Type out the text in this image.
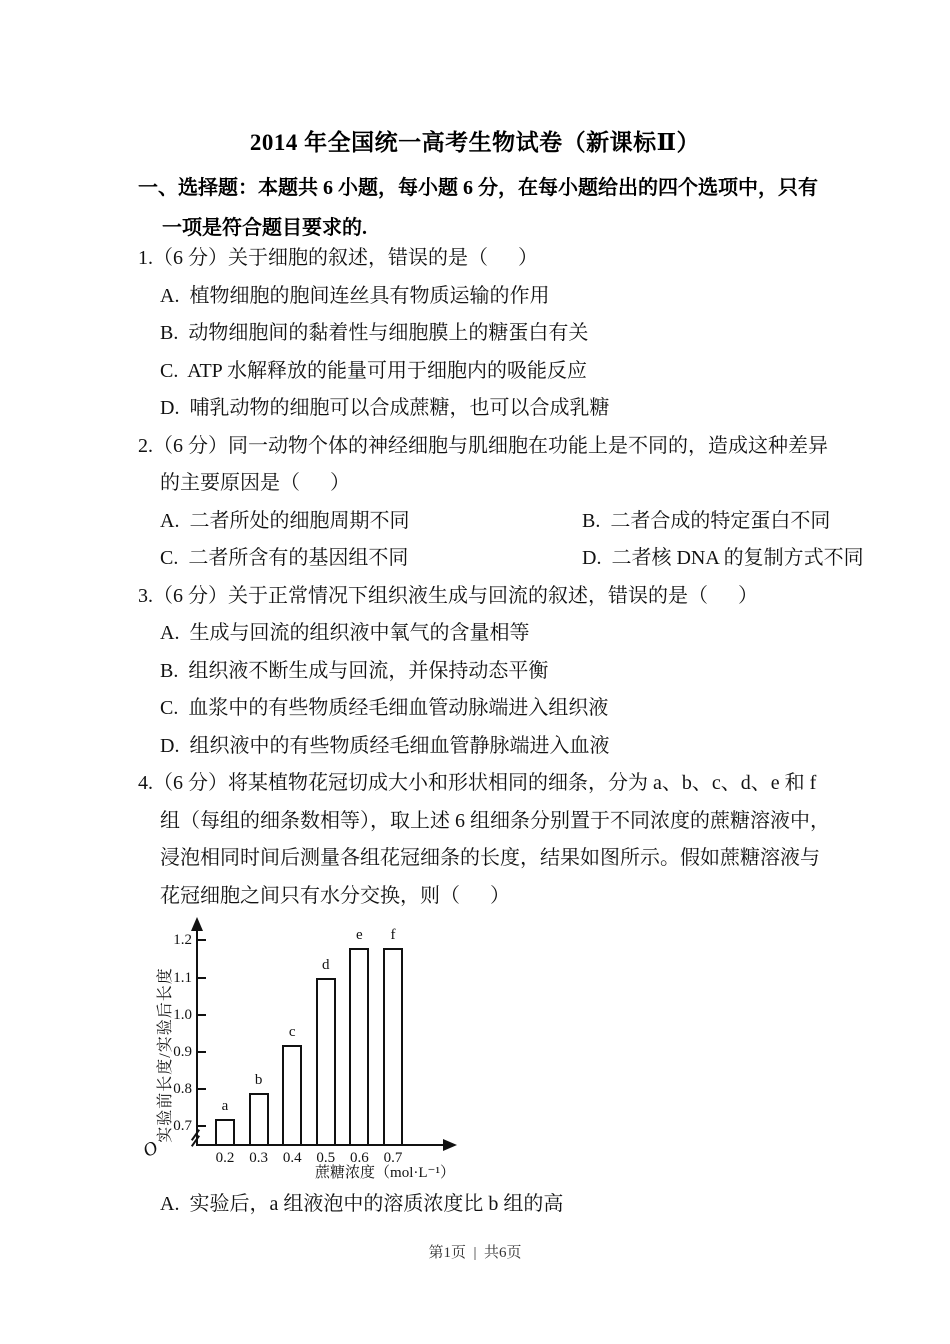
2014 年全国统一高考生物试卷（新课标Ⅱ）
一、选择题：本题共 6 小题，每小题 6 分，在每小题给出的四个选项中，只有
一项是符合题目要求的.
1.（6 分）关于细胞的叙述，错误的是（      ）
A.  植物细胞的胞间连丝具有物质运输的作用
B.  动物细胞间的黏着性与细胞膜上的糖蛋白有关
C.  ATP 水解释放的能量可用于细胞内的吸能反应
D.  哺乳动物的细胞可以合成蔗糖，也可以合成乳糖
2.（6 分）同一动物个体的神经细胞与肌细胞在功能上是不同的，造成这种差异
的主要原因是（      ）
A.  二者所处的细胞周期不同	B.  二者合成的特定蛋白不同
C.  二者所含有的基因组不同	D.  二者核 DNA 的复制方式不同
3.（6 分）关于正常情况下组织液生成与回流的叙述，错误的是（      ）
A.  生成与回流的组织液中氧气的含量相等
B.  组织液不断生成与回流，并保持动态平衡
C.  血浆中的有些物质经毛细血管动脉端进入组织液
D.  组织液中的有些物质经毛细血管静脉端进入血液
4.（6 分）将某植物花冠切成大小和形状相同的细条，分为 a、b、c、d、e 和 f
组（每组的细条数相等），取上述 6 组细条分别置于不同浓度的蔗糖溶液中，
浸泡相同时间后测量各组花冠细条的长度，结果如图所示。假如蔗糖溶液与
花冠细胞之间只有水分交换，则（      ）
实验前长度/实验后长度
O
蔗糖浓度（mol·L⁻¹）
0.7
0.8
0.9
1.0
1.1
1.2
0.2
a
0.3
b
0.4
c
0.5
d
0.6
e
0.7
f
A.  实验后，a 组液泡中的溶质浓度比 b 组的高
第1页  |  共6页
